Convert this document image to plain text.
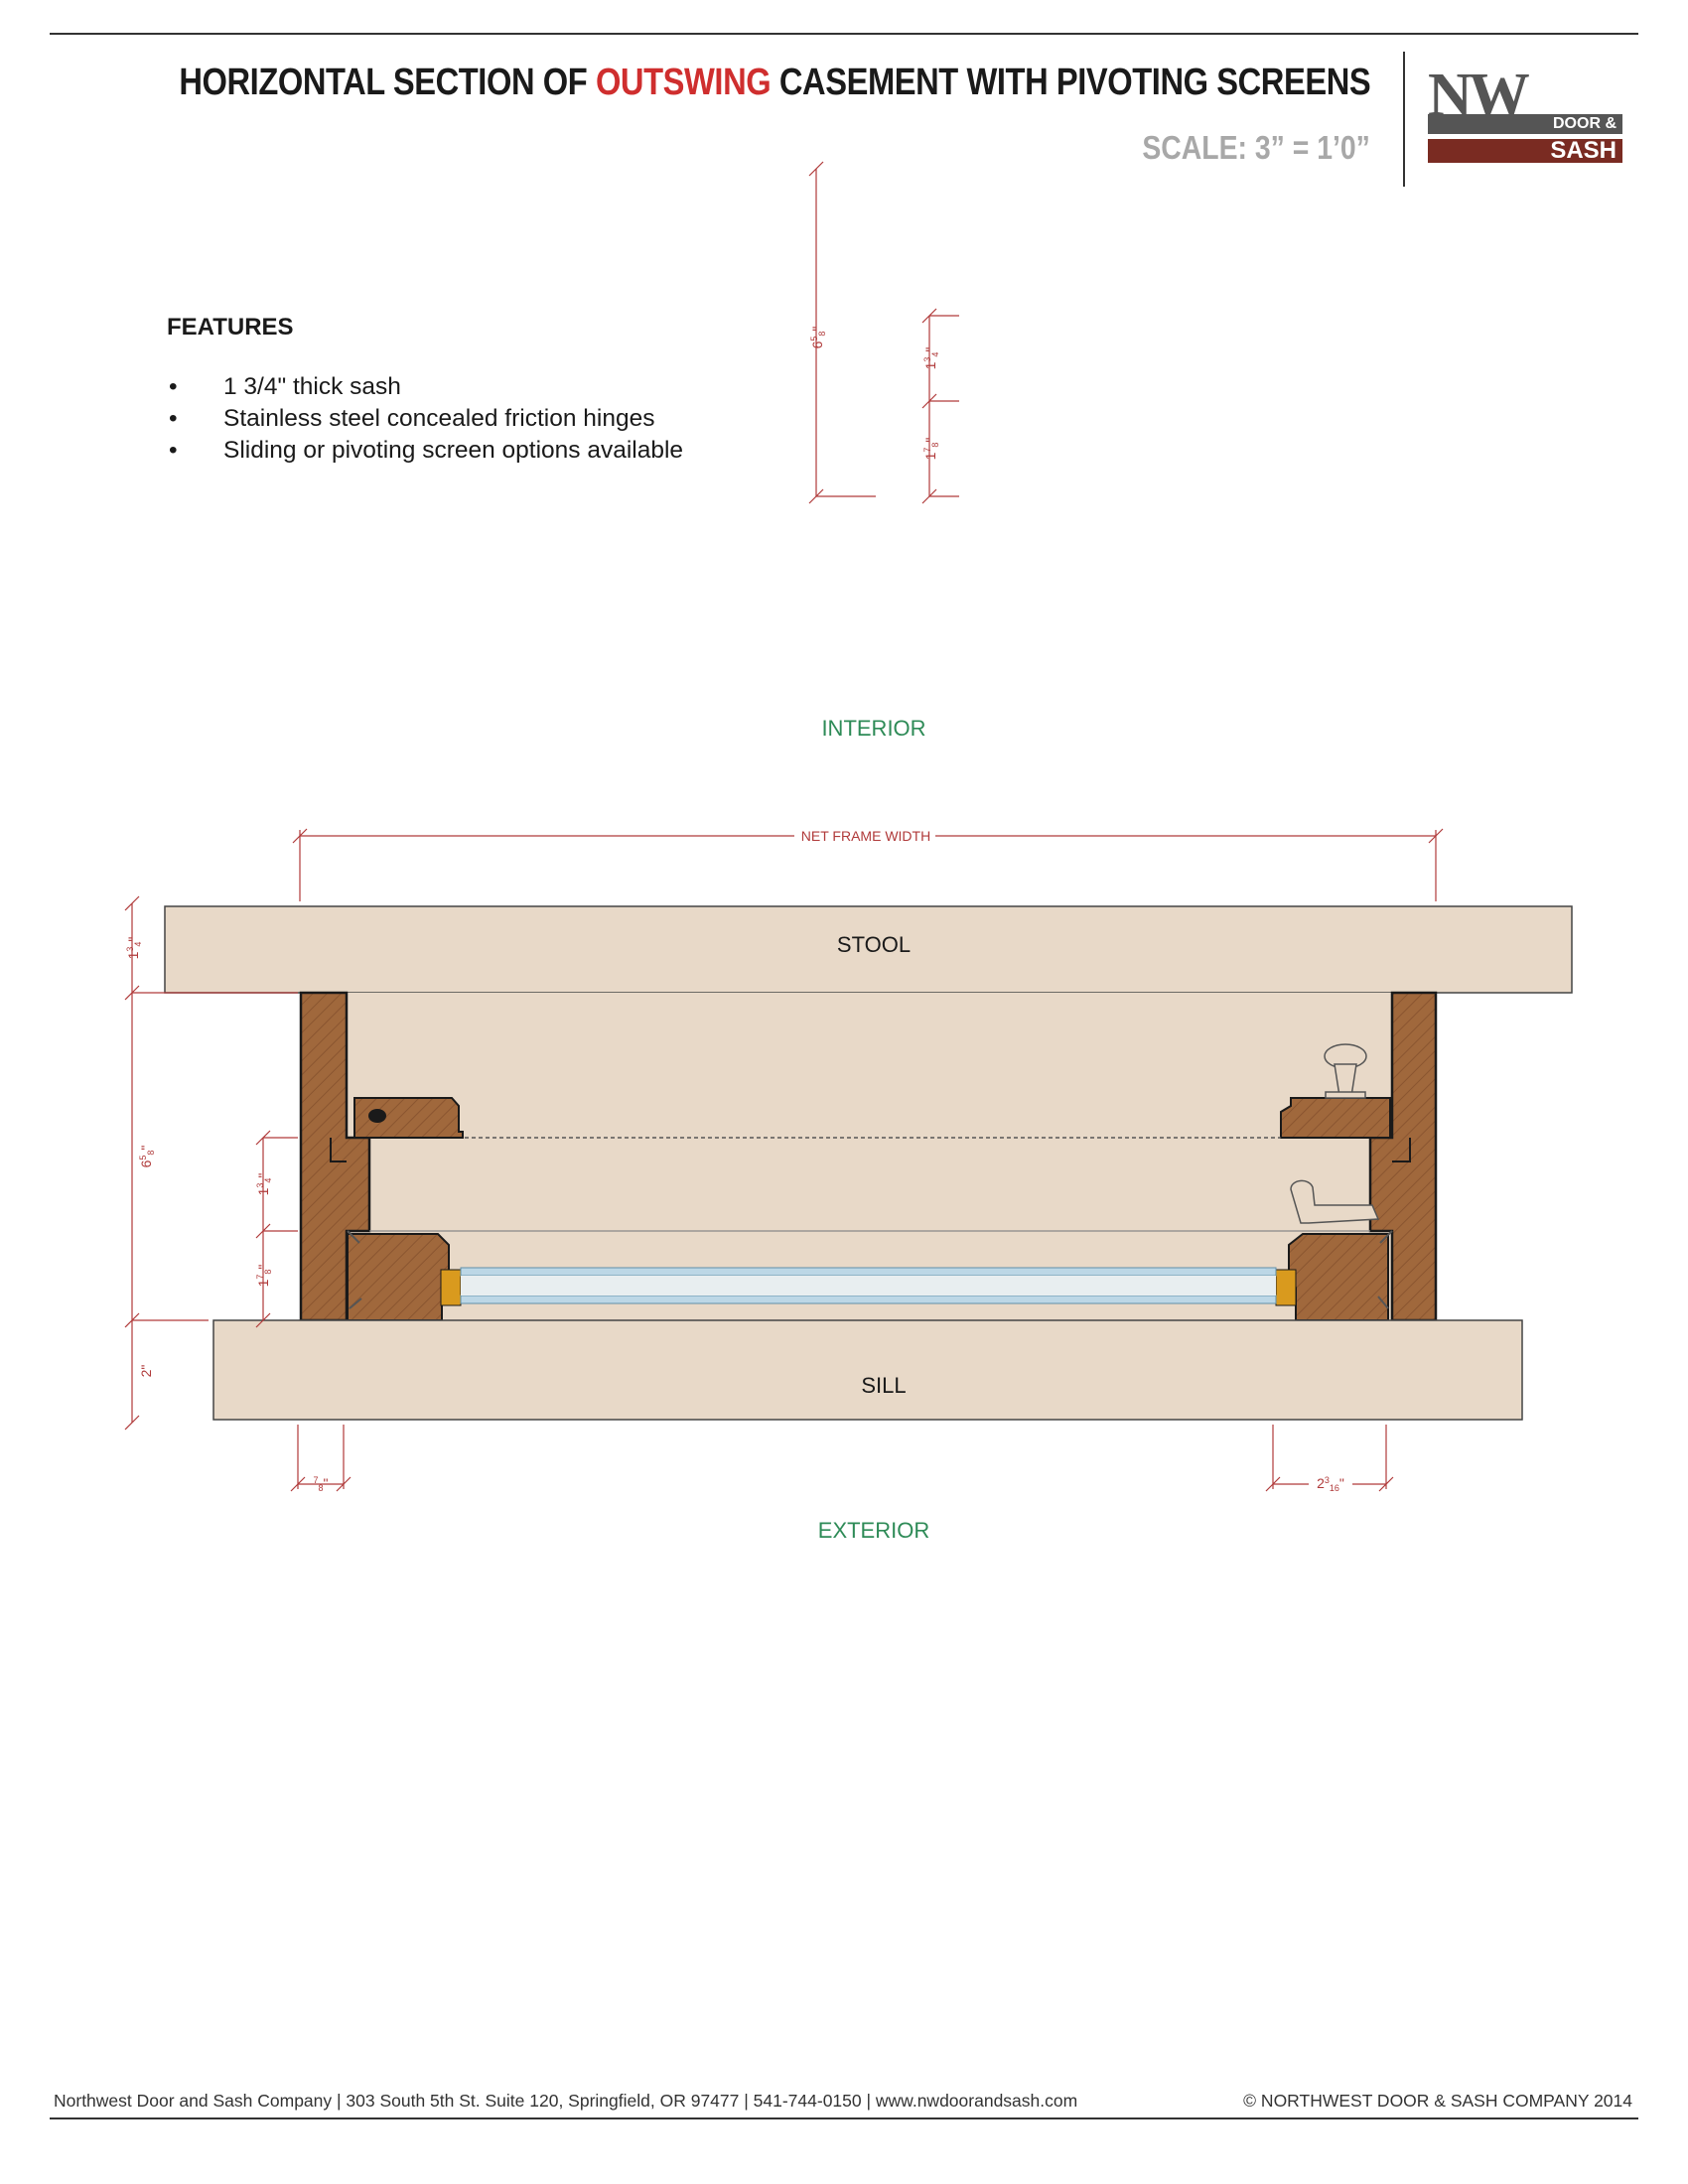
HORIZONTAL SECTION OF OUTSWING CASEMENT WITH PIVOTING SCREENS
SCALE: 3” = 1’0”
NW DOOR &
SASH
FEATURES
• 1 3/4" thick sash
• Stainless steel concealed friction hinges
• Sliding or pivoting screen options available
$6^5_8$"
$1^3_4$"
$1^7_8$"
INTERIOR
NET FRAME WIDTH
STOOL
SILL
$1^3_4$"
$6^5_8$"
2"
$1^3_4$"
$1^7_8$"
$^7_8$"	$2^3_{16}$"
EXTERIOR
Northwest Door and Sash Company | 303 South 5th St. Suite 120, Springfield, OR 97477 | 541-744-0150 | www.nwdoorandsash.com	© NORTHWEST DOOR & SASH COMPANY 2014
